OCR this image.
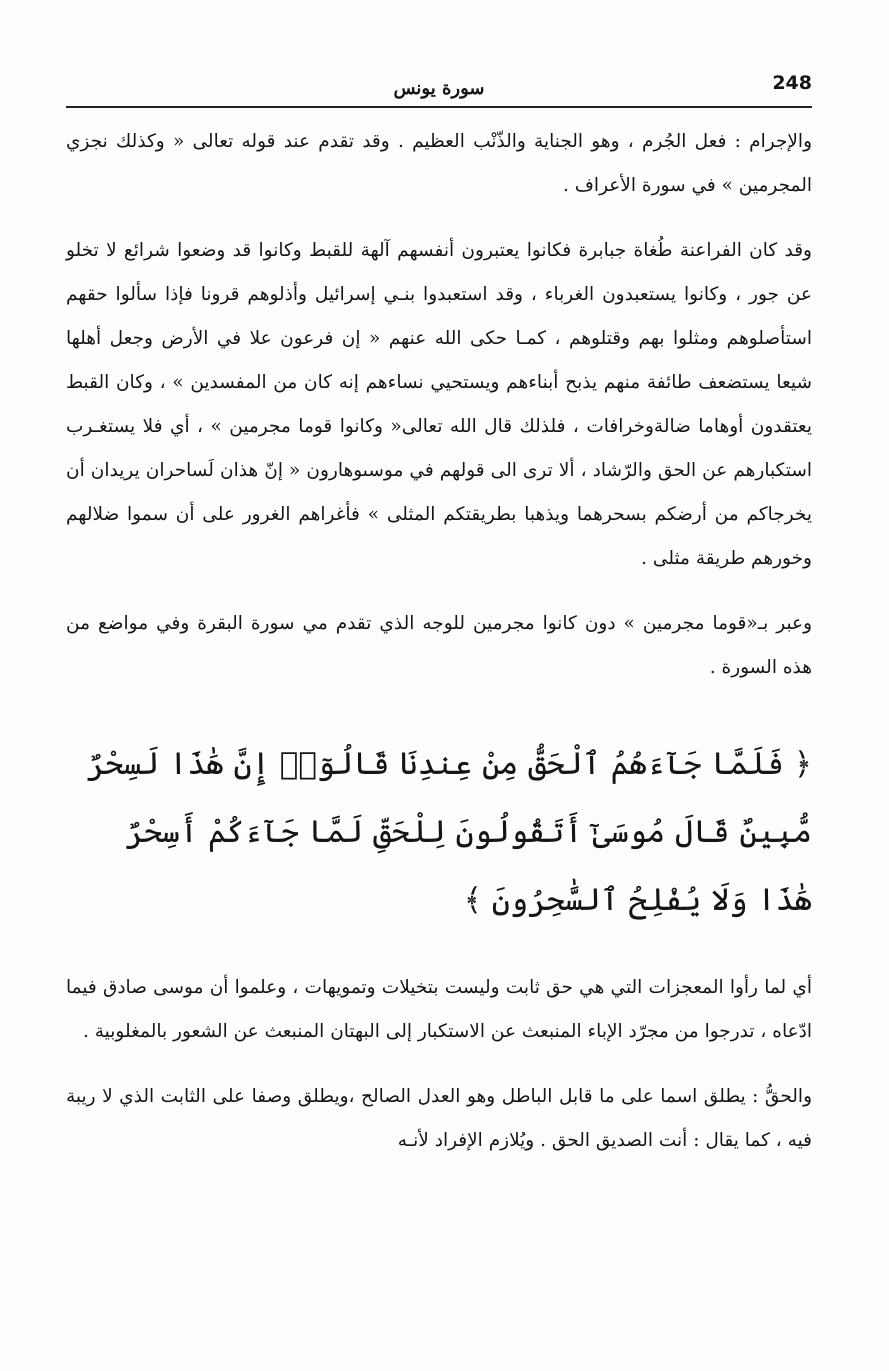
248
سورة يونس

والإجرام : فعل الجُرم ، وهو الجناية والذّنْب العظيم . وقد تقدم عند قوله تعالى « وكذلك نجزي المجرمين » في سورة الأعراف .

وقد كان الفراعنة طُغاة جبابرة فكانوا يعتبرون أنفسهم آلهة للقبط وكانوا قد وضعوا شرائع لا تخلو عن جور ، وكانوا يستعبدون الغرباء ، وقد استعبدوا بنـي إسرائيل وأذلوهم قرونا فإذا سألوا حقهم استأصلوهم ومثلوا بهم وقتلوهم ، كمـا حكى الله عنهم « إن فرعون علا في الأرض وجعل أهلها شيعا يستضعف طائفة منهم يذبح أبناءهم ويستحيي نساءهم إنه كان من المفسدين » ، وكان القبط يعتقدون أوهاما ضالةوخرافات ، فلذلك قال الله تعالى« وكانوا قوما مجرمين » ، أي فلا يستغـرب استكبارهم عن الحق والرّشاد ، ألا ترى الى قولهم في موسىوهارون « إنّ هذان لَساحران يريدان أن يخرجاكم من أرضكم بسحرهما ويذهبا بطريقتكم المثلى » فأغراهم الغرور على أن سموا ضلالهم وخورهم طريقة مثلى .

وعبر بـ«قوما مجرمين » دون كانوا مجرمين للوجه الذي تقدم مي سورة البقرة وفي مواضع من هذه السورة .

﴿ فَلَمَّا جَآءَهُمُ ٱلْحَقُّ مِنْ عِندِنَا قَالُوٓا۟ إِنَّ هَٰذَا لَسِحْرٌ مُّبِينٌ قَالَ مُوسَىٰٓ أَتَقُولُونَ لِلْحَقِّ لَمَّا جَآءَكُمْ أَسِحْرٌ هَٰذَا وَلَا يُفْلِحُ ٱلسَّٰحِرُونَ ﴾

أي لما رأوا المعجزات التي هي حق ثابت وليست بتخيلات وتمويهات ، وعلموا أن موسى صادق فيما ادّعاه ، تدرجوا من مجرّد الإباء المنبعث عن الاستكبار إلى البهتان المنبعث عن الشعور بالمغلوبية .

والحقُّ : يطلق اسما على ما قابل الباطل وهو العدل الصالح ،ويطلق وصفا على الثابت الذي لا ريبة فيه ، كما يقال : أنت الصديق الحق . ويُلازم الإفراد لأنـه
